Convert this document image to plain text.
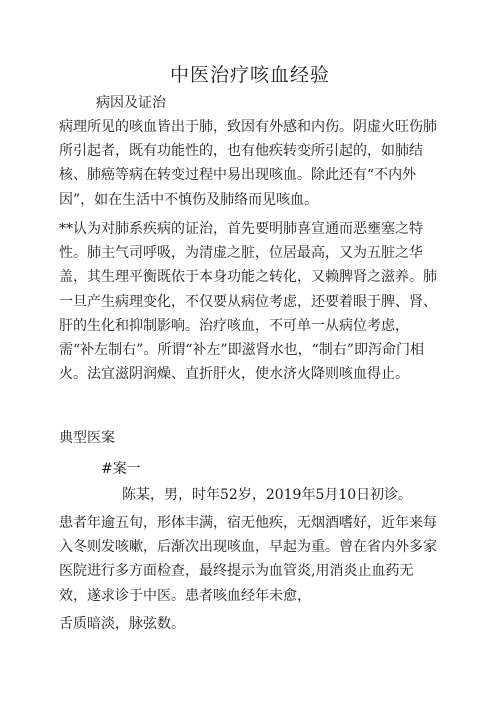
中医治疗咳血经验
病因及证治

病理所见的咳血皆出于肺，致因有外感和内伤。阴虚火旺伤肺所引起者，既有功能性的，也有他疾转变所引起的，如肺结核、肺癌等病在转变过程中易出现咳血。除此还有“不内外因”，如在生活中不慎伤及肺络而见咳血。

**认为对肺系疾病的证治，首先要明肺喜宣通而恶壅塞之特性。肺主气司呼吸，为清虚之脏，位居最高，又为五脏之华盖，其生理平衡既依于本身功能之转化，又赖脾肾之滋养。肺一旦产生病理变化，不仅要从病位考虑，还要着眼于脾、肾、肝的生化和抑制影响。治疗咳血，不可单一从病位考虑，需“补左制右”。所谓“补左”即滋肾水也，“制右”即泻命门相火。法宜滋阴润燥、直折肝火，使水济火降则咳血得止。

典型医案
#案一
陈某，男，时年52岁，2019年5月10日初诊。

患者年逾五旬，形体丰满，宿无他疾，无烟酒嗜好，近年来每入冬则发咳嗽，后渐次出现咳血，早起为重。曾在省内外多家医院进行多方面检查，最终提示为血管炎,用消炎止血药无效，遂求诊于中医。患者咳血经年未愈，

舌质暗淡，脉弦数。
